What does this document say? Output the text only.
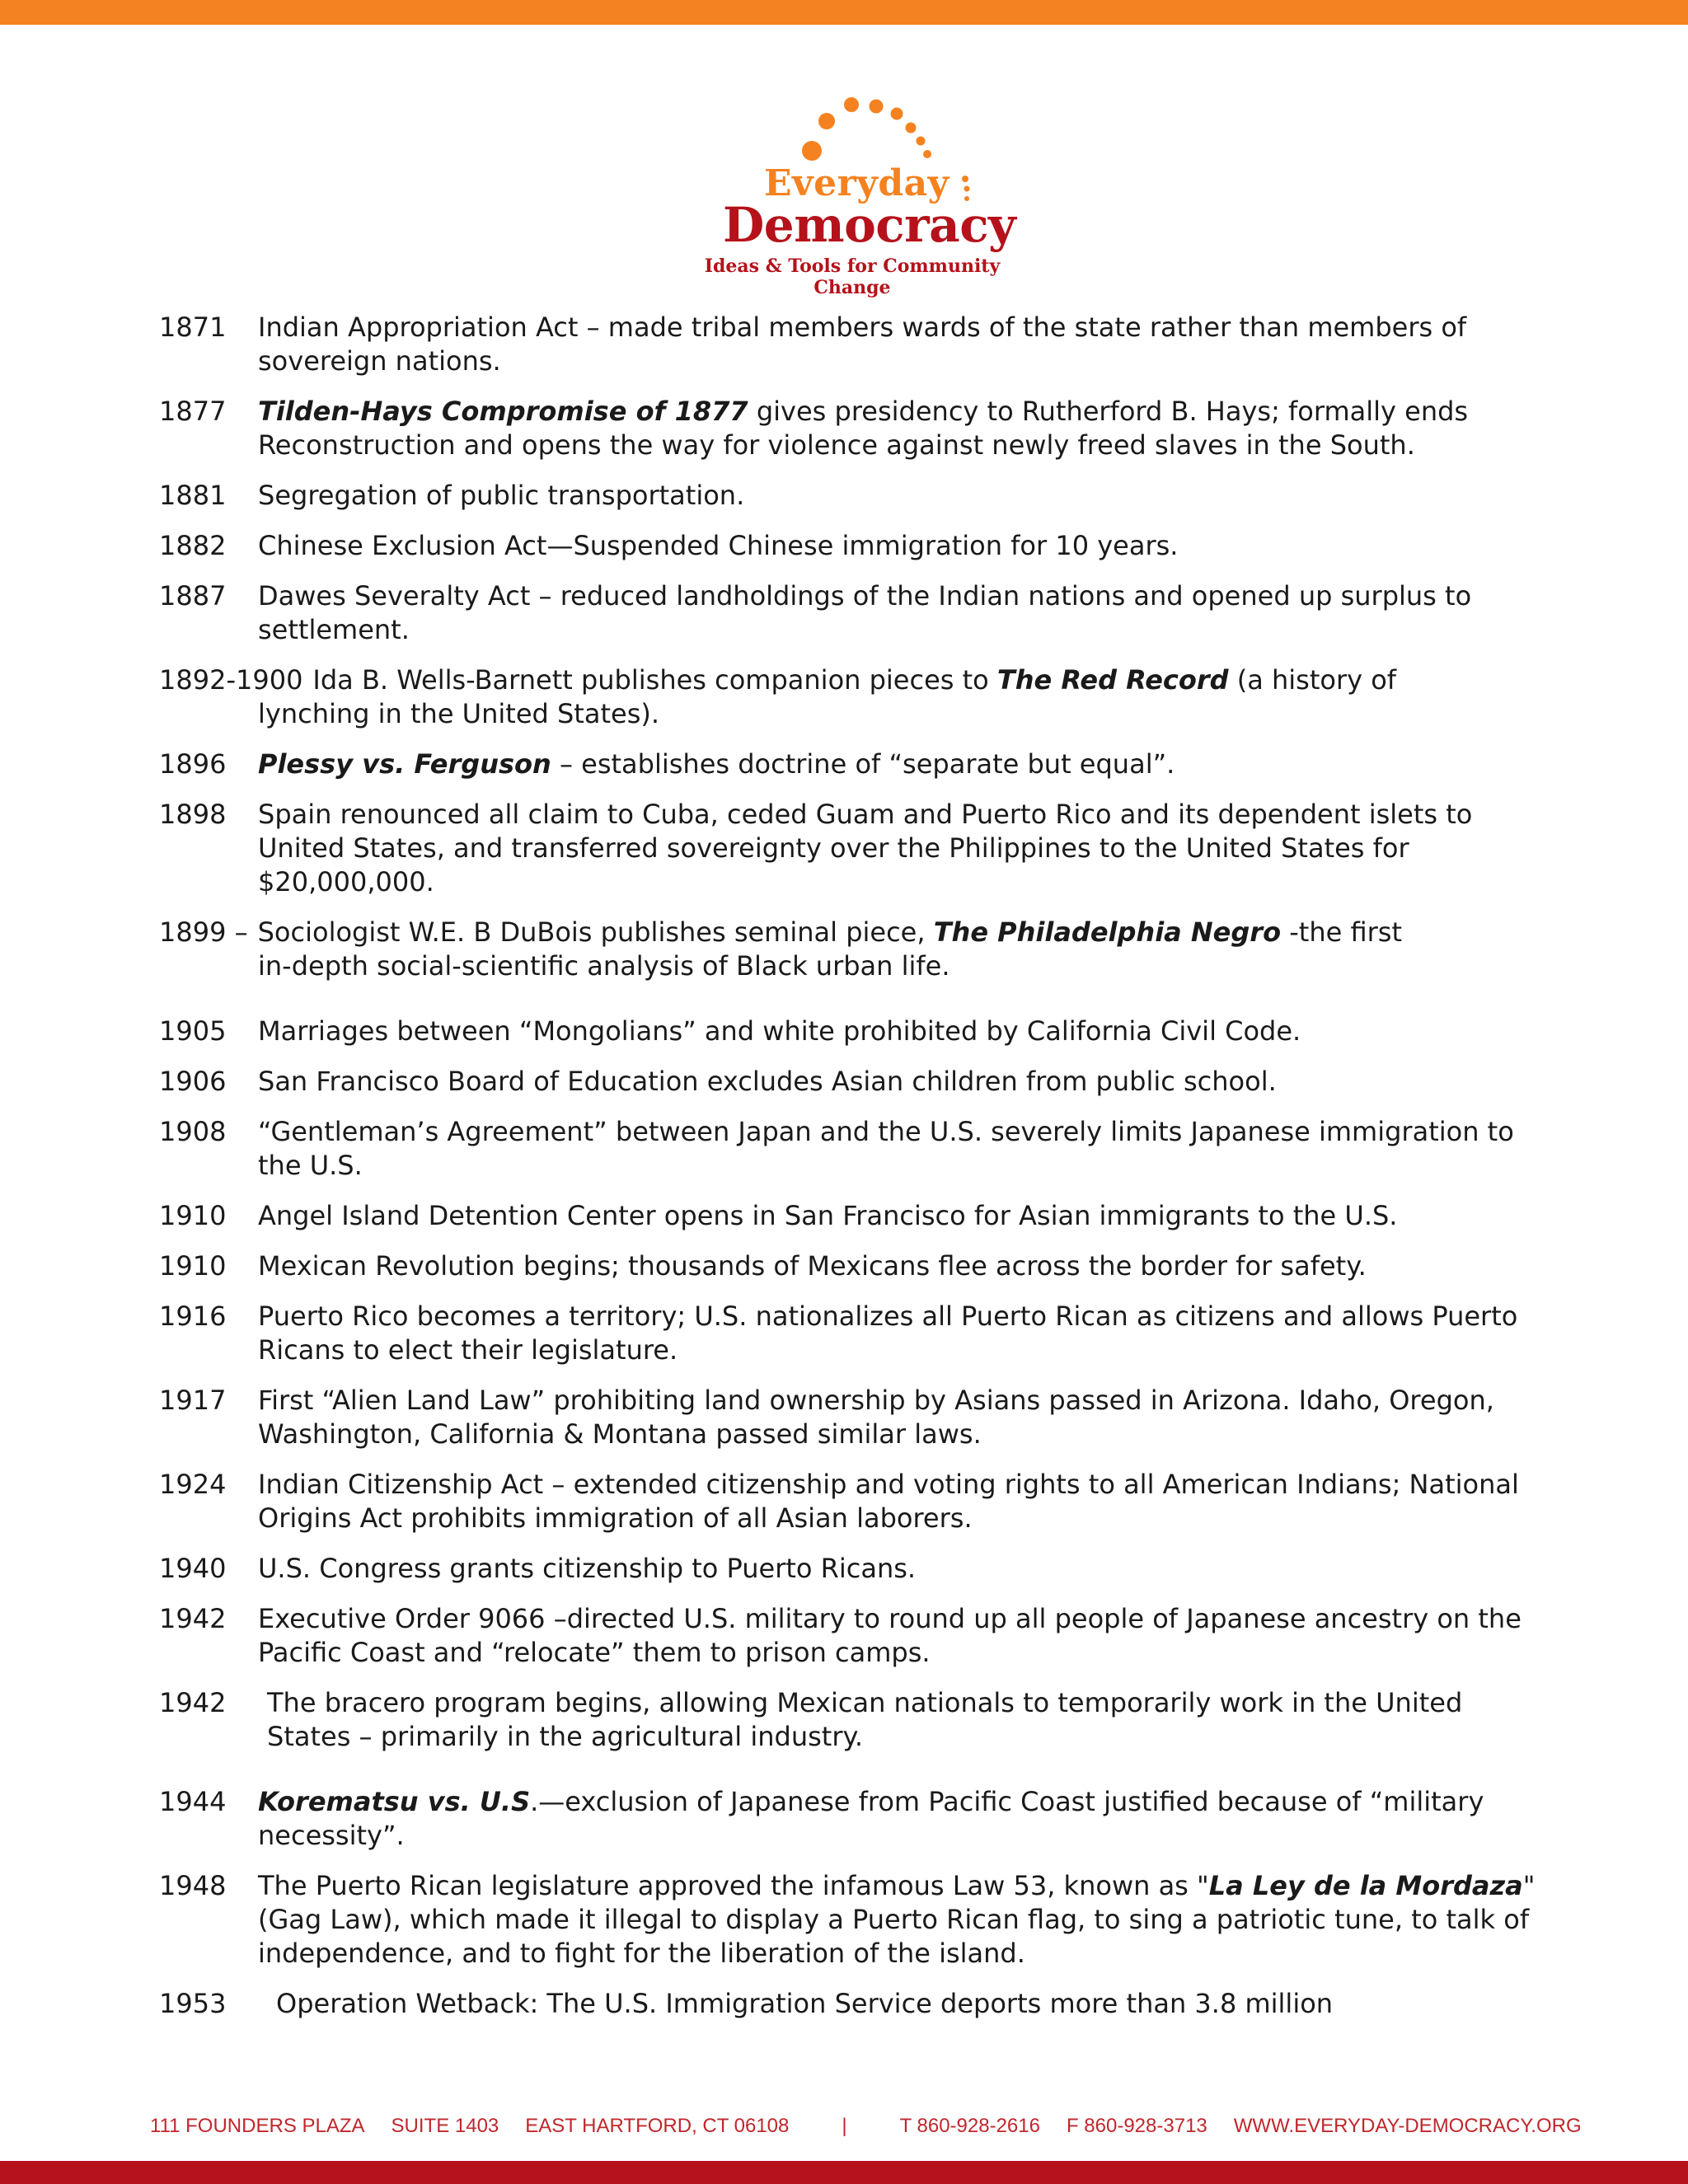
Everyday
Democracy
Ideas & Tools for Community Change
1871	Indian Appropriation Act – made tribal members wards of the state rather than members of sovereign nations.
1877	Tilden-Hays Compromise of 1877 gives presidency to Rutherford B. Hays; formally ends Reconstruction and opens the way for violence against newly freed slaves in the South.
1881	Segregation of public transportation.
1882	Chinese Exclusion Act—Suspended Chinese immigration for 10 years.
1887	Dawes Severalty Act – reduced landholdings of the Indian nations and opened up surplus to settlement.
1892-1900 Ida B. Wells-Barnett publishes companion pieces to The Red Record (a history of
lynching in the United States).
1896	Plessy vs. Ferguson – establishes doctrine of “separate but equal”.
1898	Spain renounced all claim to Cuba, ceded Guam and Puerto Rico and its dependent islets to United States, and transferred sovereignty over the Philippines to the United States for $20,000,000.
1899 – Sociologist W.E. B DuBois publishes seminal piece, The Philadelphia Negro -the first
in-depth social-scientific analysis of Black urban life.
1905	Marriages between “Mongolians” and white prohibited by California Civil Code.
1906	San Francisco Board of Education excludes Asian children from public school.
1908	“Gentleman’s Agreement” between Japan and the U.S. severely limits Japanese immigration to the U.S.
1910	Angel Island Detention Center opens in San Francisco for Asian immigrants to the U.S.
1910	Mexican Revolution begins; thousands of Mexicans flee across the border for safety.
1916	Puerto Rico becomes a territory; U.S. nationalizes all Puerto Rican as citizens and allows Puerto Ricans to elect their legislature.
1917	First “Alien Land Law” prohibiting land ownership by Asians passed in Arizona. Idaho, Oregon, Washington, California & Montana passed similar laws.
1924	Indian Citizenship Act – extended citizenship and voting rights to all American Indians; National Origins Act prohibits immigration of all Asian laborers.
1940	U.S. Congress grants citizenship to Puerto Ricans.
1942	Executive Order 9066 –directed U.S. military to round up all people of Japanese ancestry on the Pacific Coast and “relocate” them to prison camps.
1942	The bracero program begins, allowing Mexican nationals to temporarily work in the United States – primarily in the agricultural industry.
1944	Korematsu vs. U.S.—exclusion of Japanese from Pacific Coast justified because of “military necessity”.
1948	The Puerto Rican legislature approved the infamous Law 53, known as "La Ley de la Mordaza" (Gag Law), which made it illegal to display a Puerto Rican flag, to sing a patriotic tune, to talk of independence, and to fight for the liberation of the island.
1953	Operation Wetback: The U.S. Immigration Service deports more than 3.8 million
111 FOUNDERS PLAZA SUITE 1403 EAST HARTFORD, CT 06108	|	T 860-928-2616 F 860-928-3713 WWW.EVERYDAY-DEMOCRACY.ORG
